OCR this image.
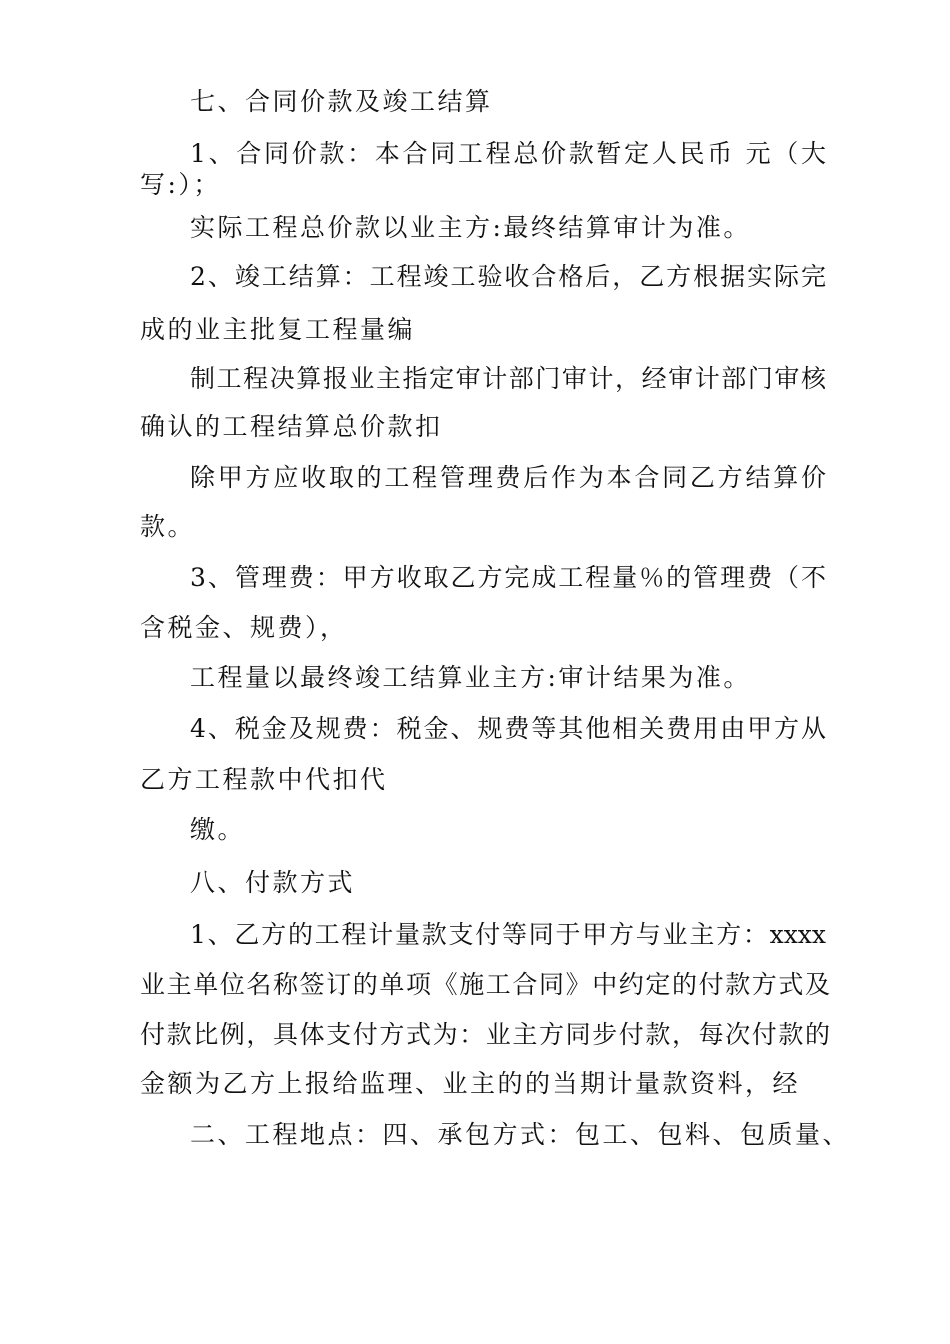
七、合同价款及竣工结算
1、合同价款：本合同工程总价款暂定人民币 元（大
写:）；
实际工程总价款以业主方:最终结算审计为准。
2、竣工结算：工程竣工验收合格后，乙方根据实际完
成的业主批复工程量编
制工程决算报业主指定审计部门审计，经审计部门审核
确认的工程结算总价款扣
除甲方应收取的工程管理费后作为本合同乙方结算价
款。
3、管理费：甲方收取乙方完成工程量％的管理费（不
含税金、规费），
工程量以最终竣工结算业主方:审计结果为准。
4、税金及规费：税金、规费等其他相关费用由甲方从
乙方工程款中代扣代
缴。
八、付款方式
1、乙方的工程计量款支付等同于甲方与业主方：xxxx
业主单位名称签订的单项《施工合同》中约定的付款方式及
付款比例，具体支付方式为：业主方同步付款，每次付款的
金额为乙方上报给监理、业主的的当期计量款资料，经
二、工程地点：四、承包方式：包工、包料、包质量、
